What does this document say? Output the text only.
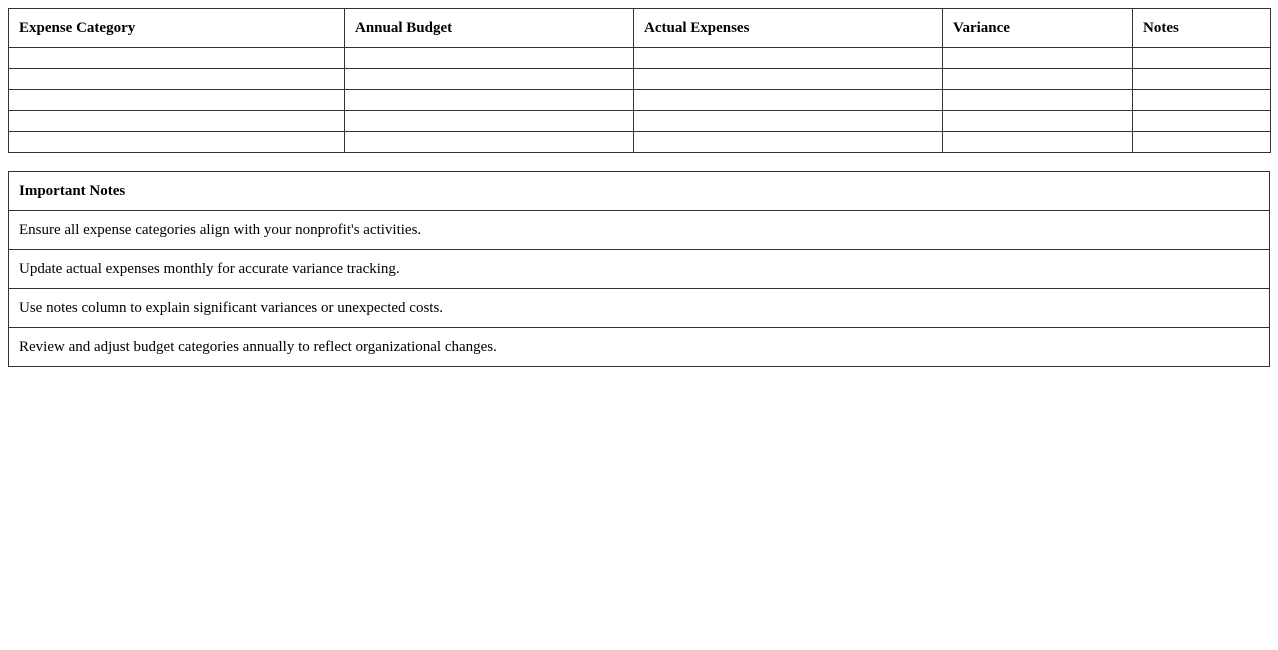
Expense Category	Annual Budget	Actual Expenses	Variance	Notes

Important Notes
Ensure all expense categories align with your nonprofit's activities.
Update actual expenses monthly for accurate variance tracking.
Use notes column to explain significant variances or unexpected costs.
Review and adjust budget categories annually to reflect organizational changes.
